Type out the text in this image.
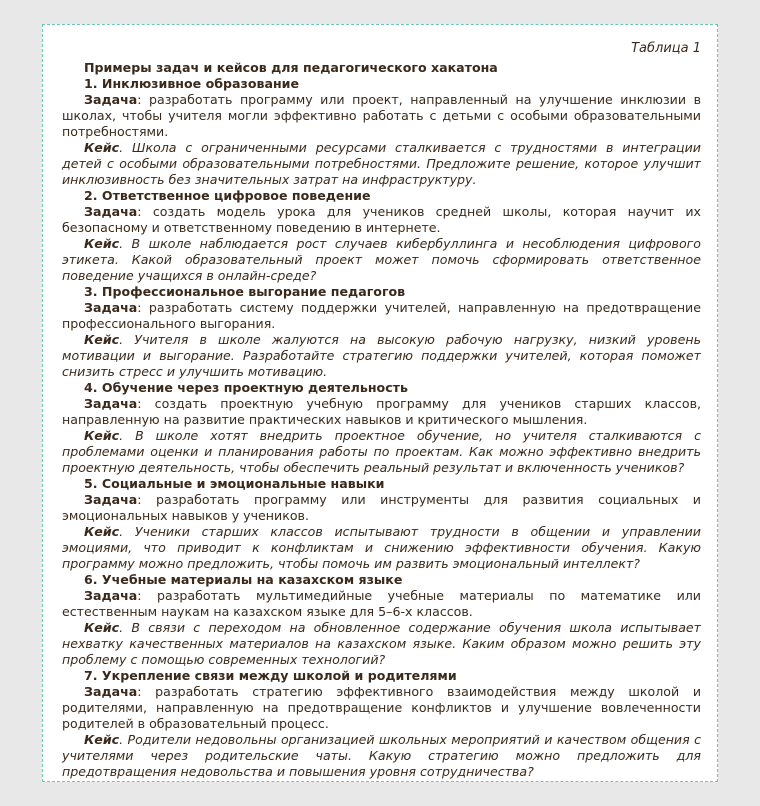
Таблица 1
Примеры задач и кейсов для педагогического хакатона
1. Инклюзивное образование

Задача: разработать программу или проект, направленный на улучшение инклюзии в школах, чтобы учителя могли эффективно работать с детьми с особыми образовательными потребностями.

Кейс. Школа с ограниченными ресурсами сталкивается с трудностями в интеграции детей с особыми образовательными потребностями. Предложите решение, которое улучшит инклюзивность без значительных затрат на инфраструктуру.

2. Ответственное цифровое поведение

Задача: создать модель урока для учеников средней школы, которая научит их безопасному и ответственному поведению в интернете.

Кейс. В школе наблюдается рост случаев кибербуллинга и несоблюдения цифрового этикета. Какой образовательный проект может помочь сформировать ответственное поведение учащихся в онлайн-среде?

3. Профессиональное выгорание педагогов

Задача: разработать систему поддержки учителей, направленную на предотвращение профессионального выгорания.

Кейс. Учителя в школе жалуются на высокую рабочую нагрузку, низкий уровень мотивации и выгорание. Разработайте стратегию поддержки учителей, которая поможет снизить стресс и улучшить мотивацию.

4. Обучение через проектную деятельность

Задача: создать проектную учебную программу для учеников старших классов, направленную на развитие практических навыков и критического мышления.

Кейс. В школе хотят внедрить проектное обучение, но учителя сталкиваются с проблемами оценки и планирования работы по проектам. Как можно эффективно внедрить проектную деятельность, чтобы обеспечить реальный результат и включенность учеников?

5. Социальные и эмоциональные навыки

Задача: разработать программу или инструменты для развития социальных и эмоциональных навыков у учеников.

Кейс. Ученики старших классов испытывают трудности в общении и управлении эмоциями, что приводит к конфликтам и снижению эффективности обучения. Какую программу можно предложить, чтобы помочь им развить эмоциональный интеллект?

6. Учебные материалы на казахском языке

Задача: разработать мультимедийные учебные материалы по математике или естественным наукам на казахском языке для 5–6-х классов.

Кейс. В связи с переходом на обновленное содержание обучения школа испытывает нехватку качественных материалов на казахском языке. Каким образом можно решить эту проблему с помощью современных технологий?

7. Укрепление связи между школой и родителями

Задача: разработать стратегию эффективного взаимодействия между школой и родителями, направленную на предотвращение конфликтов и улучшение вовлеченности родителей в образовательный процесс.

Кейс. Родители недовольны организацией школьных мероприятий и качеством общения с учителями через родительские чаты. Какую стратегию можно предложить для предотвращения недовольства и повышения уровня сотрудничества?
